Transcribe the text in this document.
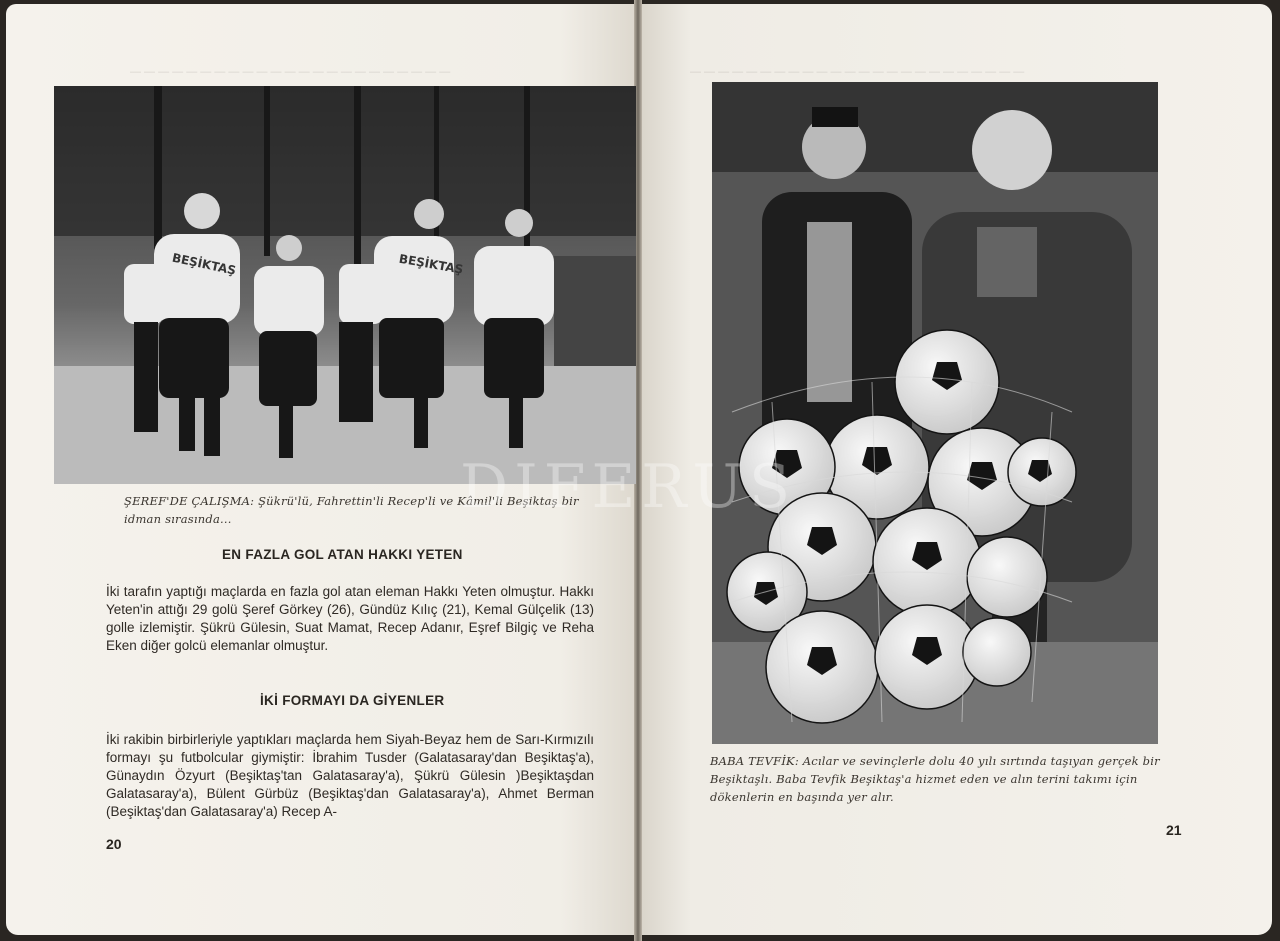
— — — — — — — — — — — — — — — — — — — — — — —	— — — — — — — — — — — — — — — — — — — — — — — —
BEŞİKTAŞ	BEŞİKTAŞ
ŞEREF'DE ÇALIŞMA: Şükrü'lü, Fahrettin'li Recep'li ve Kâmil'li Beşiktaş bir idman sırasında...
EN FAZLA GOL ATAN HAKKI YETEN
İki tarafın yaptığı maçlarda en fazla gol atan eleman Hakkı Yeten olmuştur. Hakkı Yeten'in attığı 29 golü Şeref Görkey (26), Gündüz Kılıç (21), Kemal Gülçelik (13) golle izlemiştir. Şükrü Gülesin, Suat Mamat, Recep Adanır, Eşref Bilgiç ve Reha Eken diğer golcü elemanlar olmuştur.
İKİ FORMAYI DA GİYENLER
İki rakibin birbirleriyle yaptıkları maçlarda hem Siyah-Beyaz hem de Sarı-Kırmızılı formayı şu futbolcular giymiştir: İbrahim Tusder (Galatasaray'dan Beşiktaş'a), Günaydın Özyurt (Beşiktaş'tan Galatasaray'a), Şükrü Gülesin )Beşiktaşdan Galatasaray'a), Bülent Gürbüz (Beşiktaş'dan Galatasaray'a), Ahmet Berman (Beşiktaş'dan Galatasaray'a) Recep A-
20
BABA TEVFİK: Acılar ve sevinçlerle dolu 40 yılı sırtında taşıyan gerçek bir Beşiktaşlı. Baba Tevfik Beşiktaş'a hizmet eden ve alın terini takımı için dökenlerin en başında yer alır.
21
DIFERUS
